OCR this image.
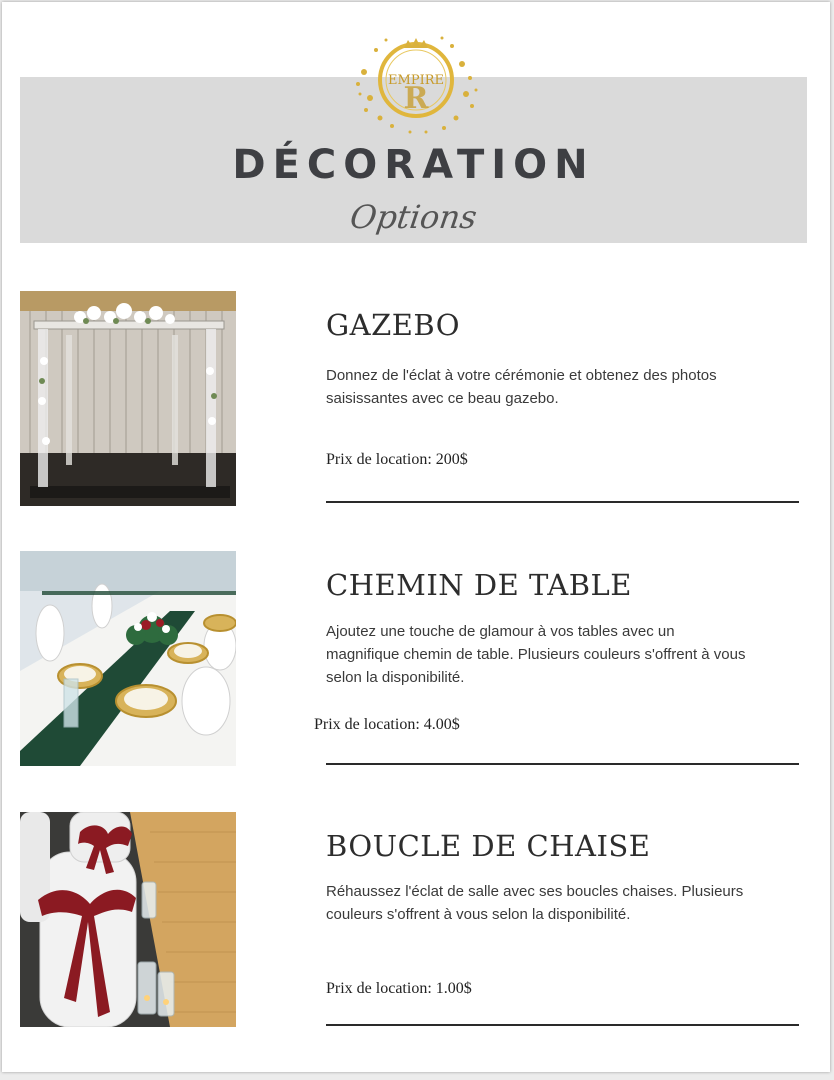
EMPIRE
R
DÉCORATION
Options
GAZEBO

Donnez de l'éclat à votre cérémonie et obtenez des photos saisissantes avec ce beau gazebo.

Prix de location: 200$
CHEMIN DE TABLE

Ajoutez une touche de glamour à vos tables avec un magnifique chemin de table. Plusieurs couleurs s'offrent à vous selon la disponibilité.

Prix de location: 4.00$
BOUCLE DE CHAISE

Réhaussez l'éclat de salle avec ses boucles chaises. Plusieurs couleurs s'offrent à vous selon la disponibilité.

Prix de location: 1.00$
